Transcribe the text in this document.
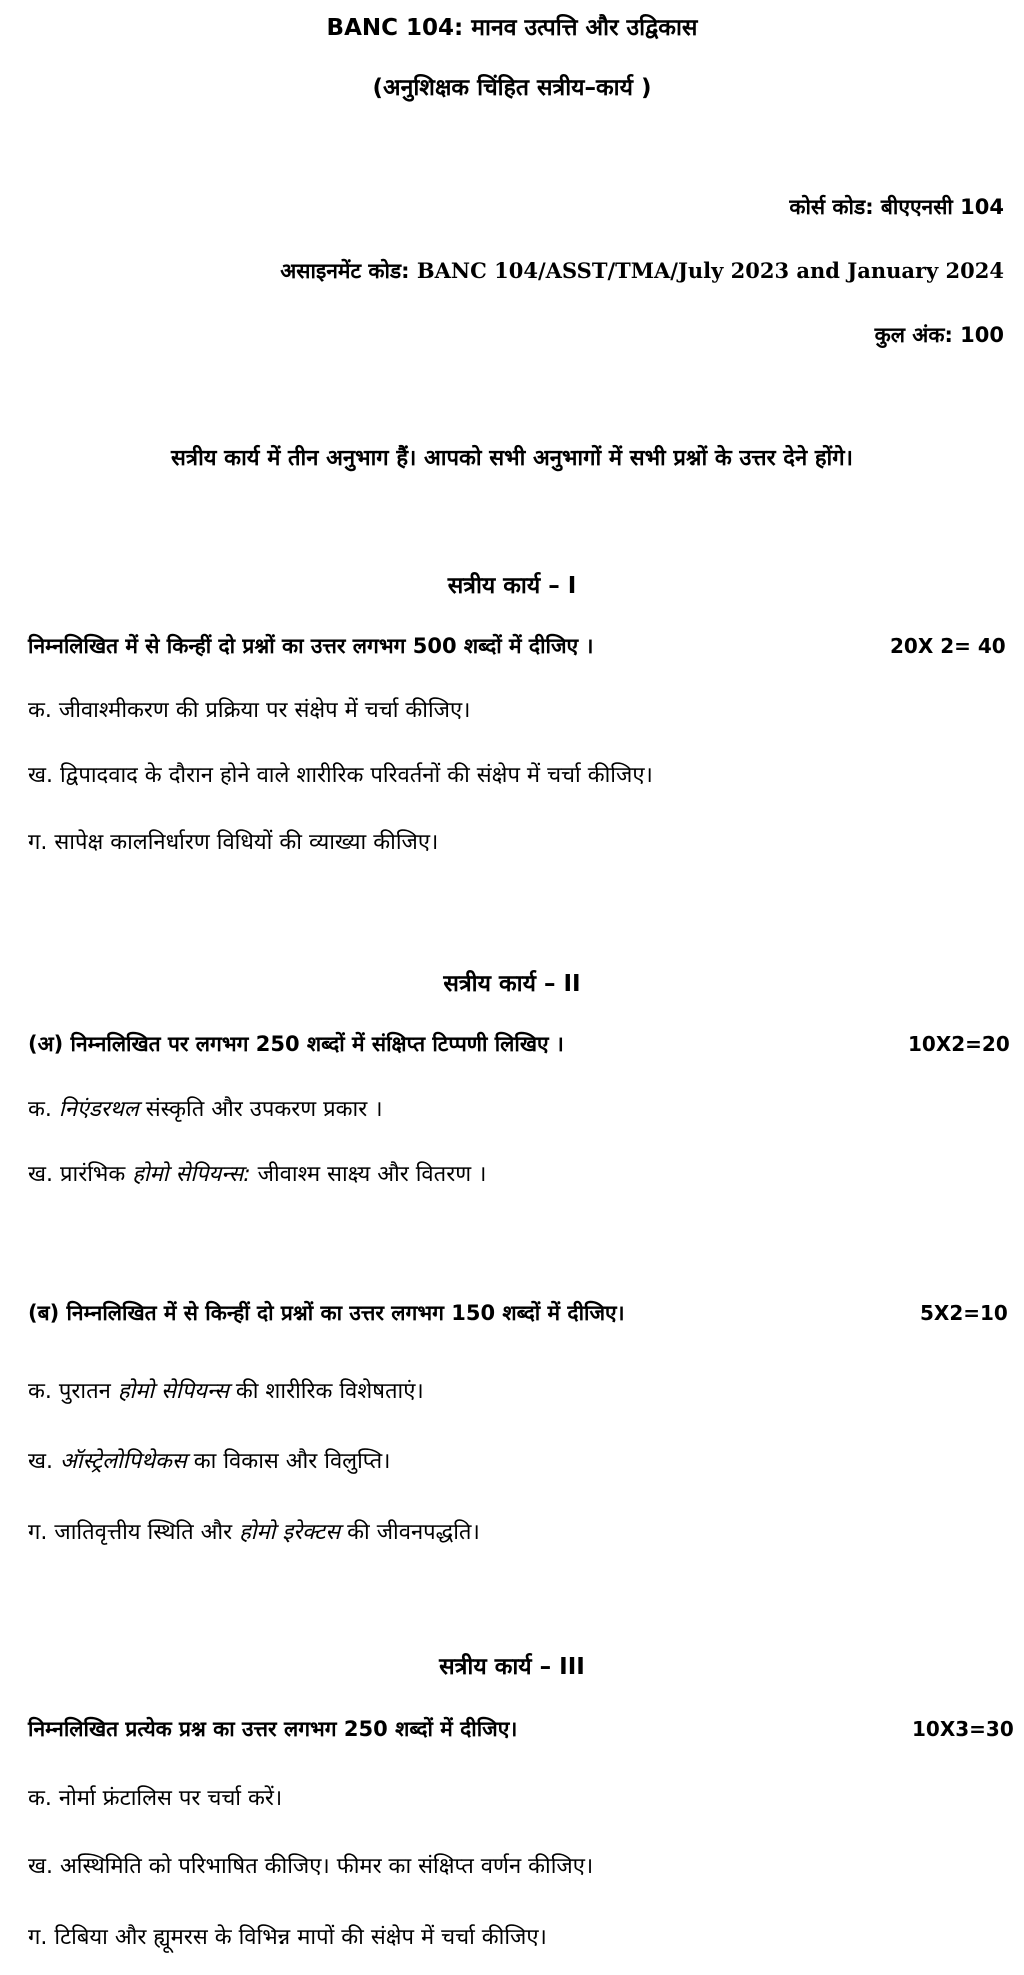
BANC 104: मानव उत्पत्ति और उद्विकास
(अनुशिक्षक चिंहित सत्रीय–कार्य )
कोर्स कोड: बीएएनसी 104
असाइनमेंट कोड: BANC 104/ASST/TMA/July 2023 and January 2024
कुल अंक: 100
सत्रीय कार्य में तीन अनुभाग हैं। आपको सभी अनुभागों में सभी प्रश्नों के उत्तर देने होंगे।
सत्रीय कार्य – I
निम्नलिखित में से किन्हीं दो प्रश्नों का उत्तर लगभग 500 शब्दों में दीजिए ।	20X 2= 40
क. जीवाश्मीकरण की प्रक्रिया पर संक्षेप में चर्चा कीजिए।
ख. द्विपादवाद के दौरान होने वाले शारीरिक परिवर्तनों की संक्षेप में चर्चा कीजिए।
ग. सापेक्ष कालनिर्धारण विधियों की व्याख्या कीजिए।
सत्रीय कार्य – II
(अ) निम्नलिखित पर लगभग 250 शब्दों में संक्षिप्त टिप्पणी लिखिए ।	10X2=20
क. निएंडरथल संस्कृति और उपकरण प्रकार ।
ख. प्रारंभिक होमो सेपियन्स: जीवाश्म साक्ष्य और वितरण ।
(ब) निम्नलिखित में से किन्हीं दो प्रश्नों का उत्तर लगभग 150 शब्दों में दीजिए।	5X2=10
क. पुरातन होमो सेपियन्स की शारीरिक विशेषताएं।
ख. ऑस्ट्रेलोपिथेकस का विकास और विलुप्ति।
ग. जातिवृत्तीय स्थिति और होमो इरेक्टस की जीवनपद्धति।
सत्रीय कार्य – III
निम्नलिखित प्रत्येक प्रश्न का उत्तर लगभग 250 शब्दों में दीजिए।	10X3=30
क. नोर्मा फ्रंटालिस पर चर्चा करें।
ख. अस्थिमिति को परिभाषित कीजिए। फीमर का संक्षिप्त वर्णन कीजिए।
ग. टिबिया और ह्यूमरस के विभिन्न मापों की संक्षेप में चर्चा कीजिए।
